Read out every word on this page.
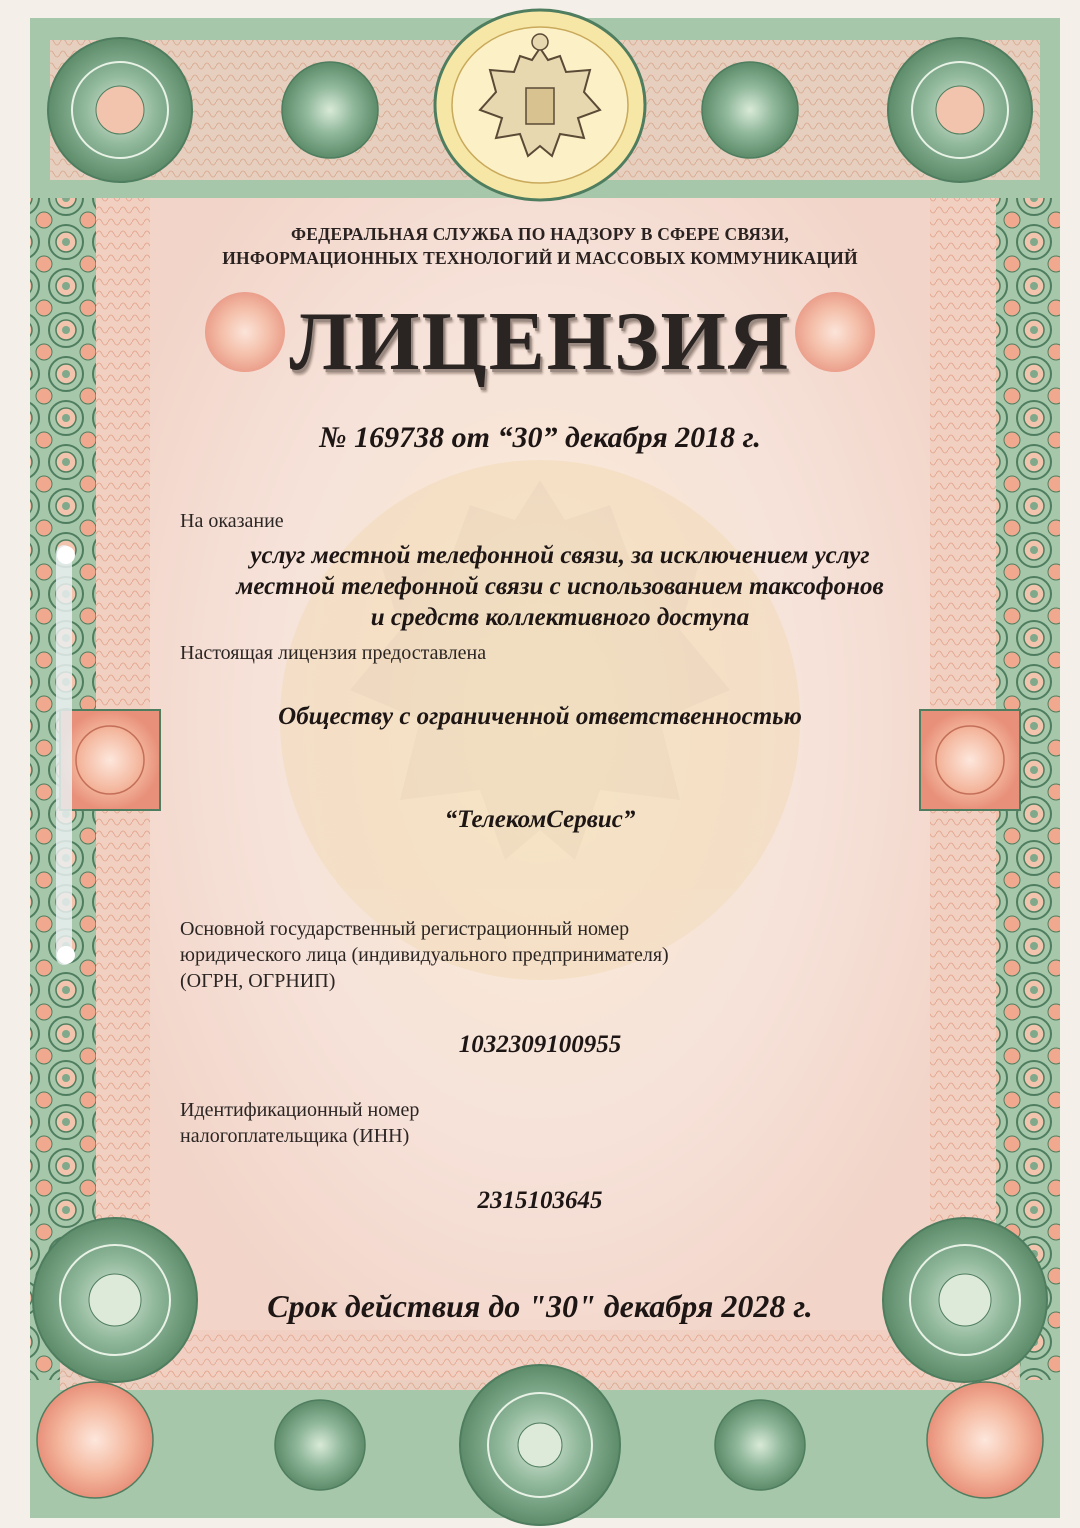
ФЕДЕРАЛЬНАЯ СЛУЖБА ПО НАДЗОРУ В СФЕРЕ СВЯЗИ,
ИНФОРМАЦИОННЫХ ТЕХНОЛОГИЙ И МАССОВЫХ КОММУНИКАЦИЙ
ЛИЦЕНЗИЯ
№ 169738 от “30” декабря 2018 г.
На оказание
услуг местной телефонной связи, за исключением услуг
местной телефонной связи с использованием таксофонов
и средств коллективного доступа
Настоящая лицензия предоставлена
Обществу с ограниченной ответственностью
“ТелекомСервис”
Основной государственный регистрационный номер
юридического лица (индивидуального предпринимателя)
(ОГРН, ОГРНИП)
1032309100955
Идентификационный номер
налогоплательщика (ИНН)
2315103645
Срок действия до "30" декабря 2028 г.
